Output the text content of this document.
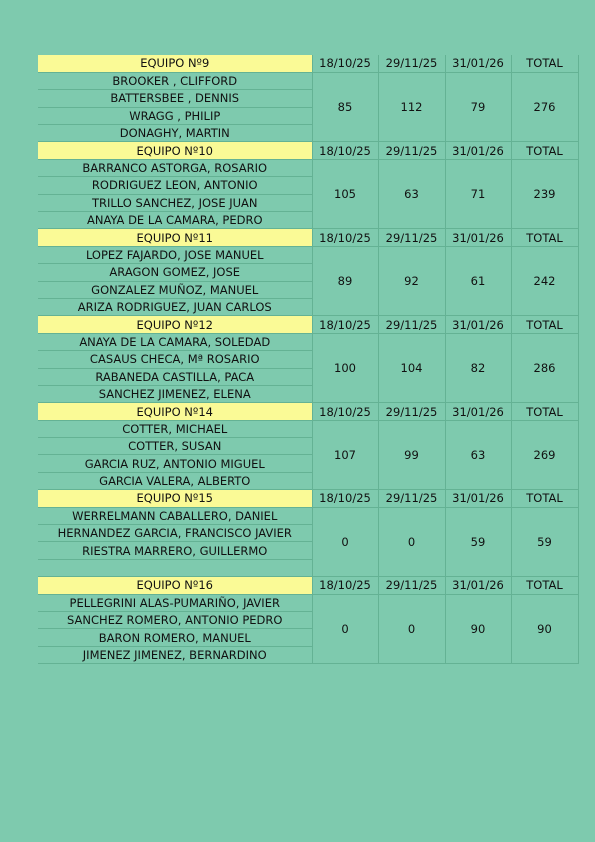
EQUIPO Nº9	18/10/25	29/11/25	31/01/26	TOTAL
BROOKER , CLIFFORD	85	112	79	276
BATTERSBEE , DENNIS				
WRAGG , PHILIP				
DONAGHY, MARTIN				
EQUIPO Nº10	18/10/25	29/11/25	31/01/26	TOTAL
BARRANCO ASTORGA, ROSARIO	105	63	71	239
RODRIGUEZ LEON, ANTONIO				
TRILLO SANCHEZ, JOSE JUAN				
ANAYA DE LA CAMARA, PEDRO				
EQUIPO Nº11	18/10/25	29/11/25	31/01/26	TOTAL
LOPEZ FAJARDO, JOSE MANUEL	89	92	61	242
ARAGON GOMEZ, JOSE				
GONZALEZ MUÑOZ, MANUEL				
ARIZA RODRIGUEZ, JUAN CARLOS				
EQUIPO Nº12	18/10/25	29/11/25	31/01/26	TOTAL
ANAYA DE LA CAMARA, SOLEDAD	100	104	82	286
CASAUS CHECA, Mª ROSARIO				
RABANEDA CASTILLA, PACA				
SANCHEZ JIMENEZ, ELENA				
EQUIPO Nº14	18/10/25	29/11/25	31/01/26	TOTAL
COTTER, MICHAEL	107	99	63	269
COTTER, SUSAN				
GARCIA RUZ, ANTONIO MIGUEL				
GARCIA VALERA, ALBERTO				
EQUIPO Nº15	18/10/25	29/11/25	31/01/26	TOTAL
WERRELMANN CABALLERO, DANIEL	0	0	59	59
HERNANDEZ GARCIA, FRANCISCO JAVIER				
RIESTRA MARRERO, GUILLERMO				

EQUIPO Nº16	18/10/25	29/11/25	31/01/26	TOTAL
PELLEGRINI ALAS-PUMARIÑO, JAVIER	0	0	90	90
SANCHEZ ROMERO, ANTONIO PEDRO				
BARON ROMERO, MANUEL				
JIMENEZ JIMENEZ, BERNARDINO				
